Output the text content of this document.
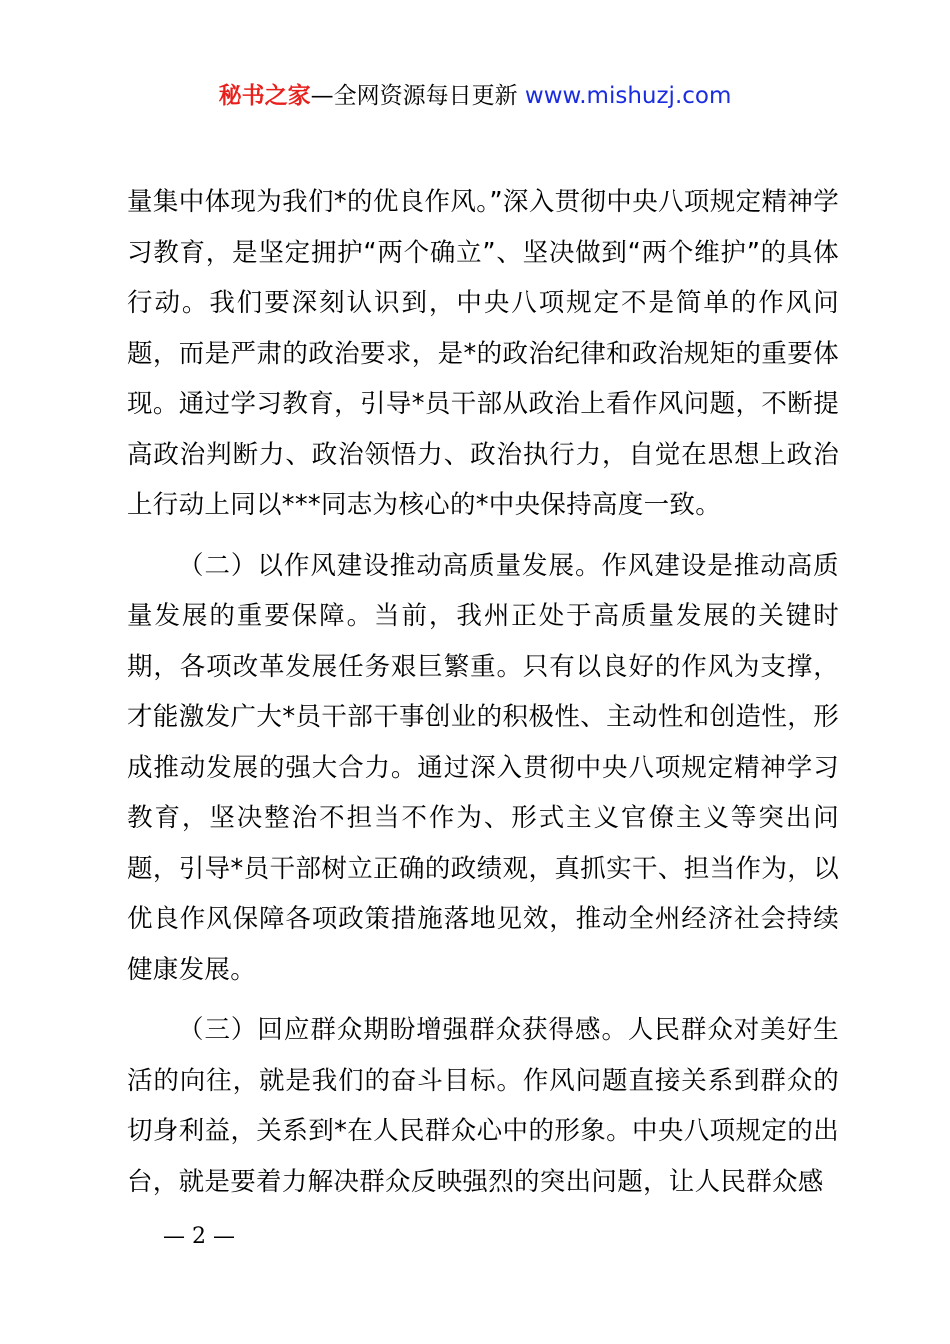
秘书之家—全网资源每日更新 www.mishuzj.com

量集中体现为我们*的优良作风。”深入贯彻中央八项规定精神学习教育，是坚定拥护“两个确立”、坚决做到“两个维护”的具体行动。我们要深刻认识到，中央八项规定不是简单的作风问题，而是严肃的政治要求，是*的政治纪律和政治规矩的重要体现。通过学习教育，引导*员干部从政治上看作风问题，不断提高政治判断力、政治领悟力、政治执行力，自觉在思想上政治上行动上同以***同志为核心的*中央保持高度一致。

（二）以作风建设推动高质量发展。作风建设是推动高质量发展的重要保障。当前，我州正处于高质量发展的关键时期，各项改革发展任务艰巨繁重。只有以良好的作风为支撑，才能激发广大*员干部干事创业的积极性、主动性和创造性，形成推动发展的强大合力。通过深入贯彻中央八项规定精神学习教育，坚决整治不担当不作为、形式主义官僚主义等突出问题，引导*员干部树立正确的政绩观，真抓实干、担当作为，以优良作风保障各项政策措施落地见效，推动全州经济社会持续健康发展。

（三）回应群众期盼增强群众获得感。人民群众对美好生活的向往，就是我们的奋斗目标。作风问题直接关系到群众的切身利益，关系到*在人民群众心中的形象。中央八项规定的出台，就是要着力解决群众反映强烈的突出问题，让人民群众感

— 2 —
